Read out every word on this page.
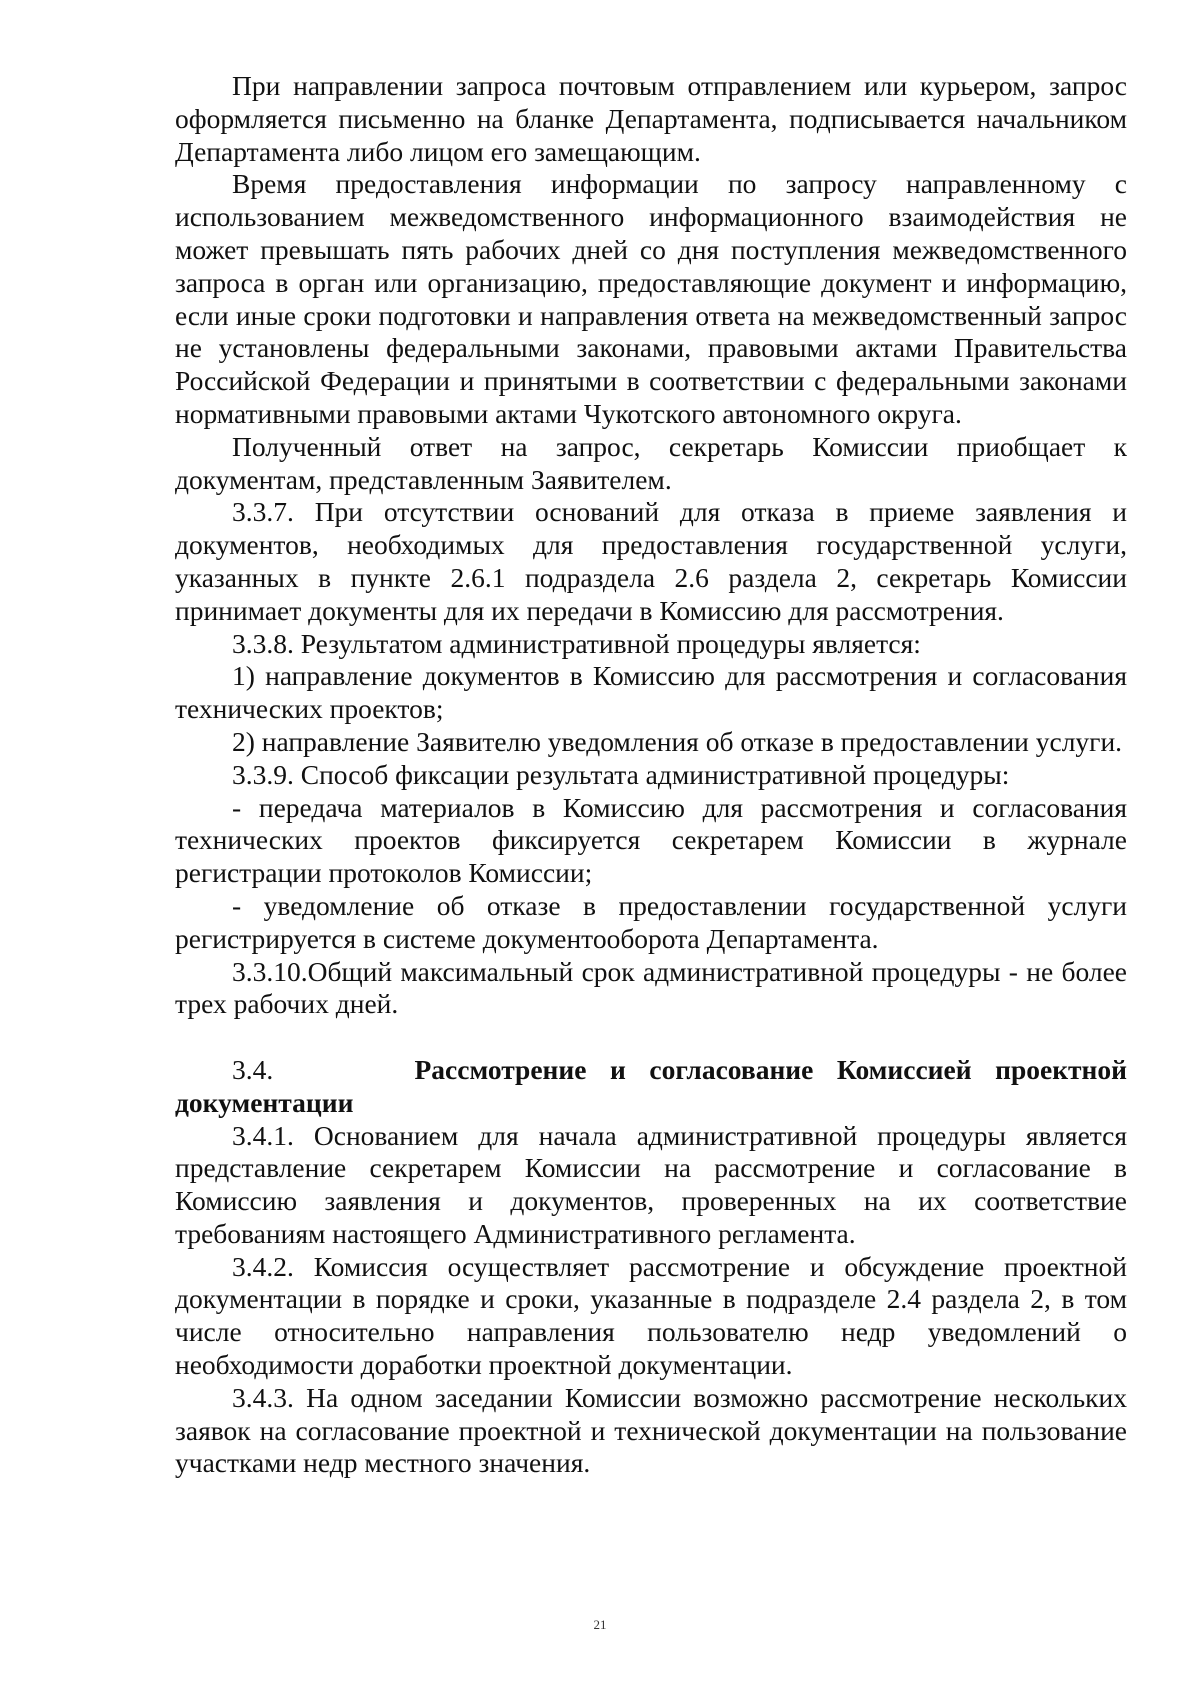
При направлении запроса почтовым отправлением или курьером, запрос оформляется письменно на бланке Департамента, подписывается начальником Департамента либо лицом его замещающим.

Время предоставления информации по запросу направленному с использованием межведомственного информационного взаимодействия не может превышать пять рабочих дней со дня поступления межведомственного запроса в орган или организацию, предоставляющие документ и информацию, если иные сроки подготовки и направления ответа на межведомственный запрос не установлены федеральными законами, правовыми актами Правительства Российской Федерации и принятыми в соответствии с федеральными законами нормативными правовыми актами Чукотского автономного округа.

Полученный ответ на запрос, секретарь Комиссии приобщает к документам, представленным Заявителем.

3.3.7. При отсутствии оснований для отказа в приеме заявления и документов, необходимых для предоставления государственной услуги, указанных в пункте 2.6.1 подраздела 2.6 раздела 2, секретарь Комиссии принимает документы для их передачи в Комиссию для рассмотрения.

3.3.8. Результатом административной процедуры является:

1) направление документов в Комиссию для рассмотрения и согласования технических проектов;

2) направление Заявителю уведомления об отказе в предоставлении услуги.

3.3.9. Способ фиксации результата административной процедуры:

- передача материалов в Комиссию для рассмотрения и согласования технических проектов фиксируется секретарем Комиссии в журнале регистрации протоколов Комиссии;

- уведомление об отказе в предоставлении государственной услуги регистрируется в системе документооборота Департамента.

3.3.10.Общий максимальный срок административной процедуры - не более трех рабочих дней.

3.4.	Рассмотрение и согласование Комиссией проектной документации

3.4.1. Основанием для начала административной процедуры является представление секретарем Комиссии на рассмотрение и согласование в Комиссию заявления и документов, проверенных на их соответствие требованиям настоящего Административного регламента.

3.4.2. Комиссия осуществляет рассмотрение и обсуждение проектной документации в порядке и сроки, указанные в подразделе 2.4 раздела 2, в том числе относительно направления пользователю недр уведомлений о необходимости доработки проектной документации.

3.4.3. На одном заседании Комиссии возможно рассмотрение нескольких заявок на согласование проектной и технической документации на пользование участками недр местного значения.

21
